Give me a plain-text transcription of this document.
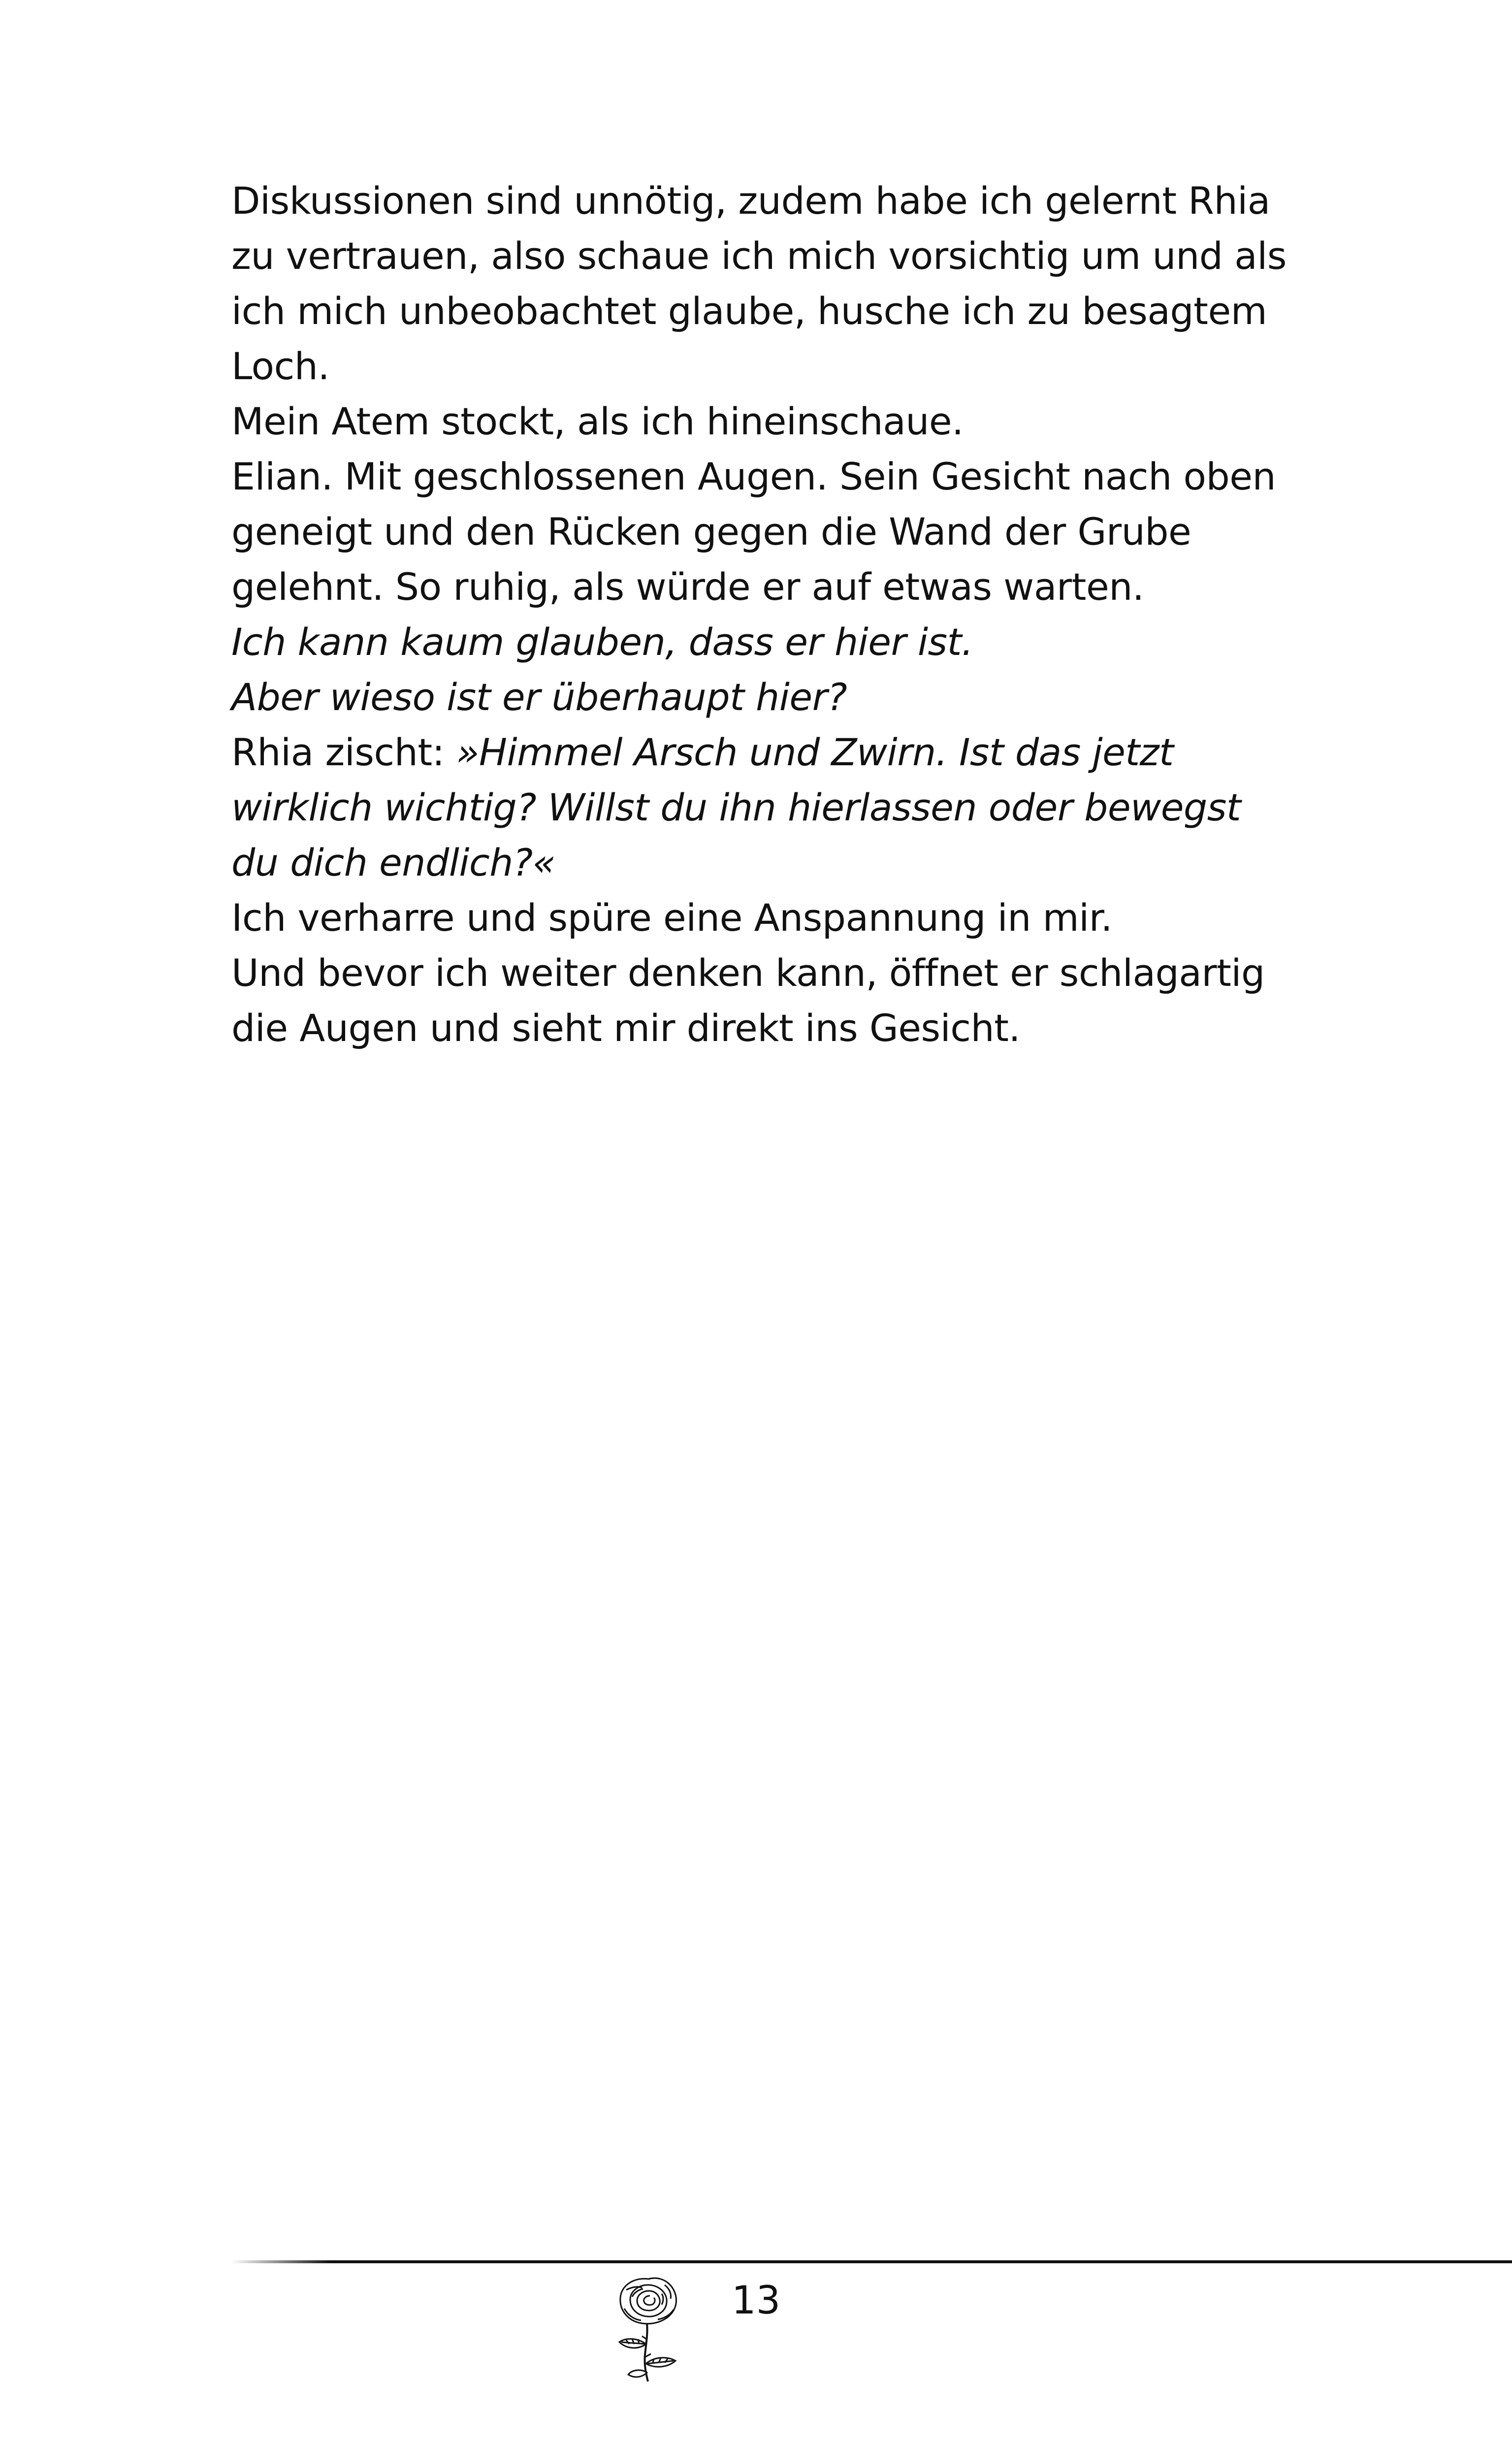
Diskussionen sind unnötig, zudem habe ich gelernt Rhia
zu vertrauen, also schaue ich mich vorsichtig um und als
ich mich unbeobachtet glaube, husche ich zu besagtem
Loch.
Mein Atem stockt, als ich hineinschaue.
Elian. Mit geschlossenen Augen. Sein Gesicht nach oben
geneigt und den Rücken gegen die Wand der Grube
gelehnt. So ruhig, als würde er auf etwas warten.
Ich kann kaum glauben, dass er hier ist.
Aber wieso ist er überhaupt hier?
Rhia zischt: »Himmel Arsch und Zwirn. Ist das jetzt
wirklich wichtig? Willst du ihn hierlassen oder bewegst
du dich endlich?«
Ich verharre und spüre eine Anspannung in mir.
Und bevor ich weiter denken kann, öffnet er schlagartig
die Augen und sieht mir direkt ins Gesicht.
13
